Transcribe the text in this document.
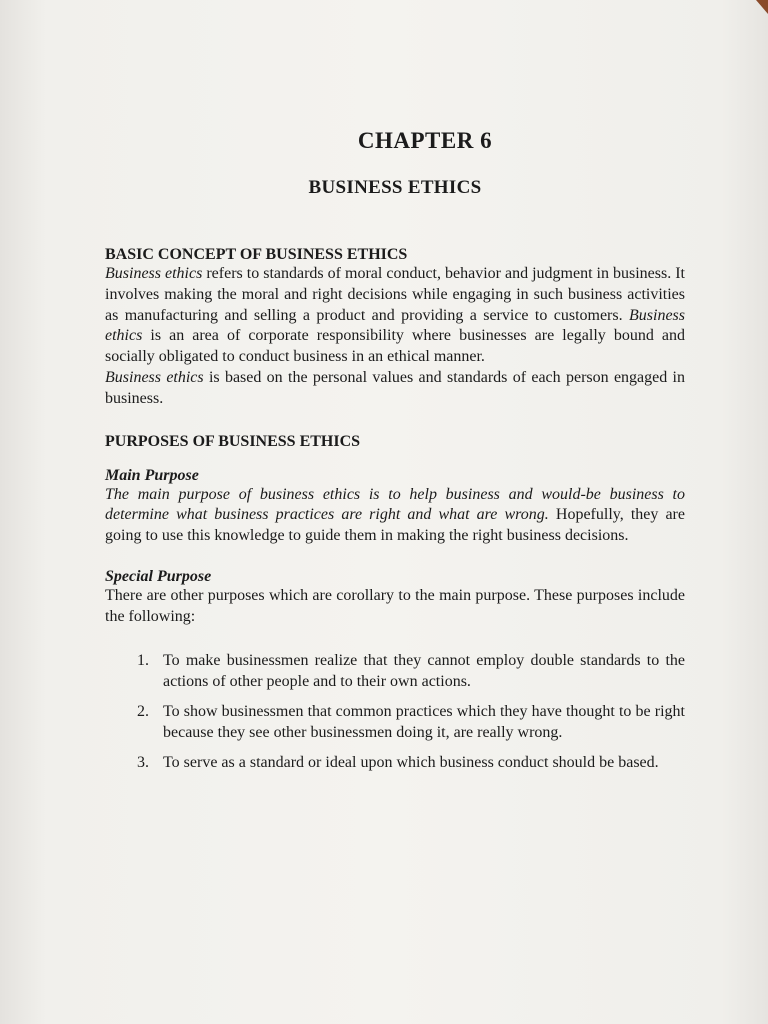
CHAPTER 6
BUSINESS ETHICS
BASIC CONCEPT OF BUSINESS ETHICS

Business ethics refers to standards of moral conduct, behavior and judgment in business. It involves making the moral and right decisions while engaging in such business activities as manufacturing and selling a product and providing a service to customers. Business ethics is an area of corporate responsibility where businesses are legally bound and socially obligated to conduct business in an ethical manner.

Business ethics is based on the personal values and standards of each person engaged in business.

PURPOSES OF BUSINESS ETHICS
Main Purpose

The main purpose of business ethics is to help business and would-be business to determine what business practices are right and what are wrong. Hopefully, they are going to use this knowledge to guide them in making the right business decisions.

Special Purpose

There are other purposes which are corollary to the main purpose. These purposes include the following:

1. To make businessmen realize that they cannot employ double standards to the actions of other people and to their own actions.
2. To show businessmen that common practices which they have thought to be right because they see other businessmen doing it, are really wrong.
3. To serve as a standard or ideal upon which business conduct should be based.
